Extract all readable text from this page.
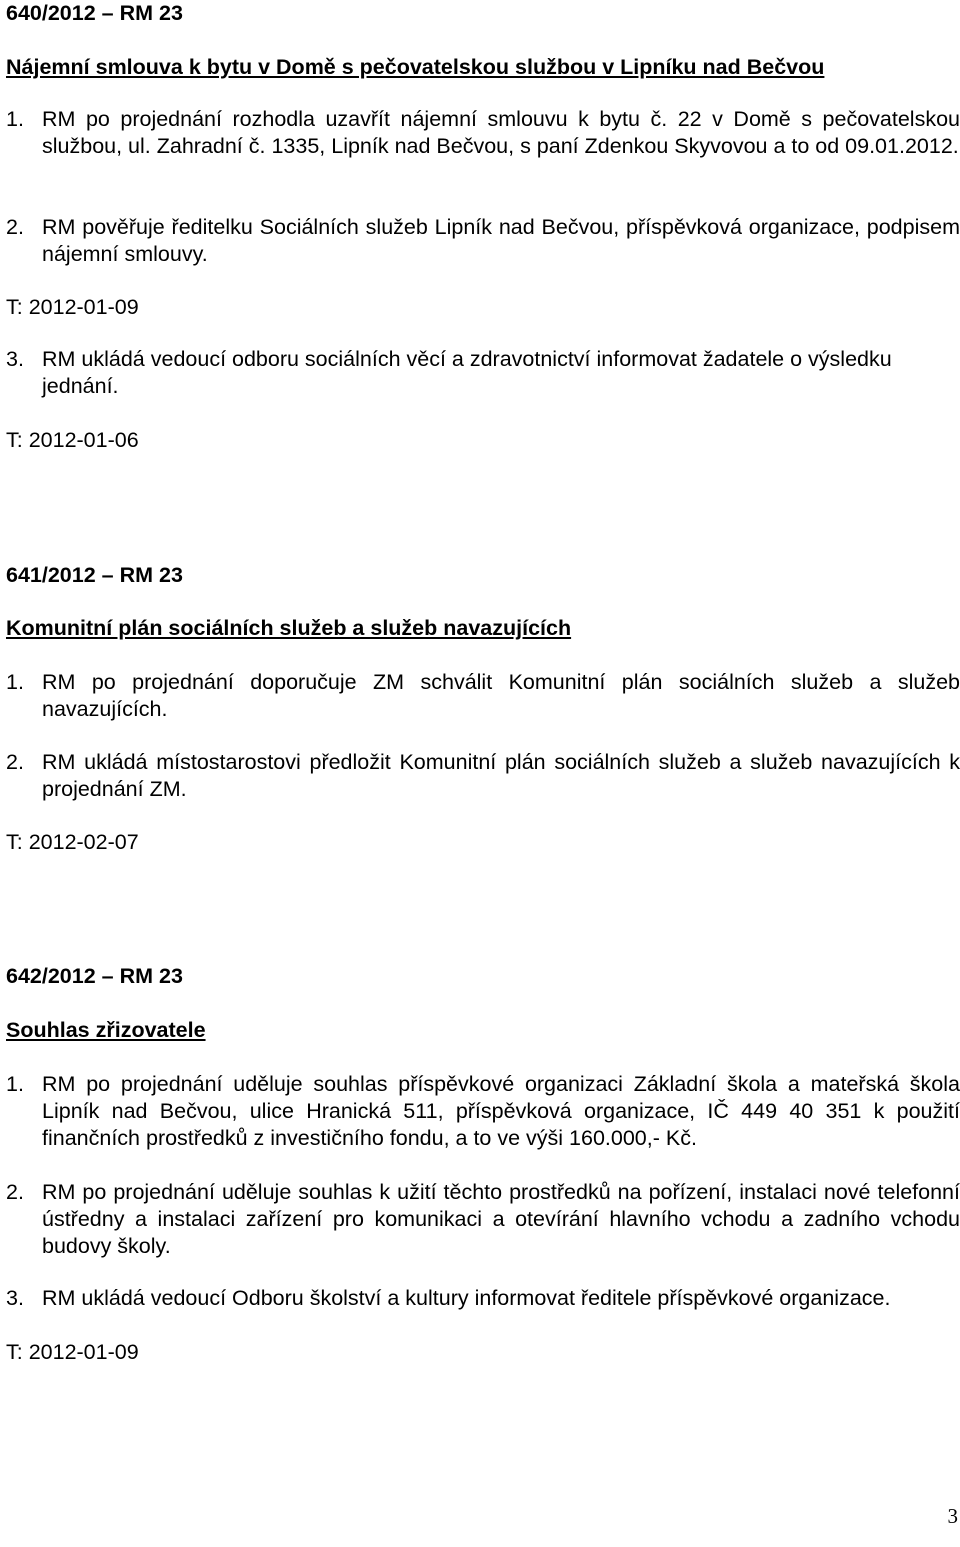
640/2012 – RM 23
Nájemní smlouva k bytu v Domě s pečovatelskou službou v Lipníku nad Bečvou
1. RM po projednání rozhodla uzavřít nájemní smlouvu k bytu č. 22 v Domě s pečovatelskou službou, ul. Zahradní č. 1335, Lipník nad Bečvou, s paní Zdenkou Skyvovou a to od 09.01.2012.
2. RM pověřuje ředitelku Sociálních služeb Lipník nad Bečvou, příspěvková organizace, podpisem nájemní smlouvy.
T: 2012-01-09
3. RM ukládá vedoucí odboru sociálních věcí a zdravotnictví informovat žadatele o výsledku jednání.
T: 2012-01-06
641/2012 – RM 23
Komunitní plán sociálních služeb a služeb navazujících
1. RM po projednání doporučuje ZM schválit Komunitní plán sociálních služeb a služeb navazujících.
2. RM ukládá místostarostovi předložit Komunitní plán sociálních služeb a služeb navazujících k projednání ZM.
T: 2012-02-07
642/2012 – RM 23
Souhlas zřizovatele
1. RM po projednání uděluje souhlas příspěvkové organizaci Základní škola a mateřská škola Lipník nad Bečvou, ulice Hranická 511, příspěvková organizace, IČ 449 40 351 k použití finančních prostředků z investičního fondu, a to ve výši 160.000,- Kč.
2. RM po projednání uděluje souhlas k užití těchto prostředků na pořízení, instalaci nové telefonní ústředny a instalaci zařízení pro komunikaci a otevírání hlavního vchodu a zadního vchodu budovy školy.
3. RM ukládá vedoucí Odboru školství a kultury informovat ředitele příspěvkové organizace.
T: 2012-01-09
3
